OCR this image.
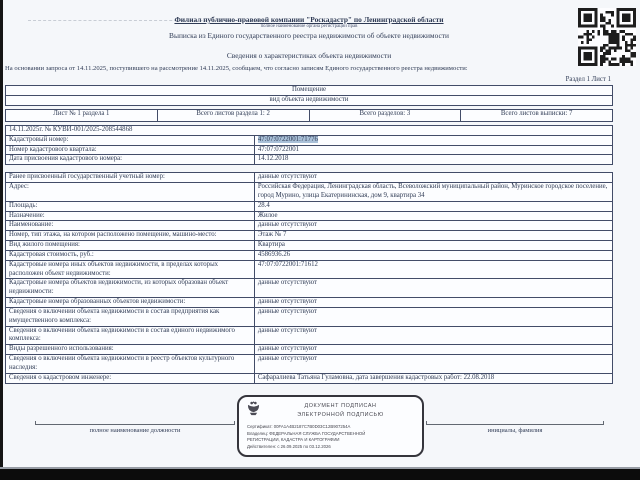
Филиал публично-правовой компании "Роскадастр" по Ленинградской области
полное наименование органа регистрации прав
Выписка из Единого государственного реестра недвижимости об объекте недвижимости
Сведения о характеристиках объекта недвижимости
На основании запроса от 14.11.2025, поступившего на рассмотрение 14.11.2025, сообщаем, что согласно записям Единого государственного реестра недвижимости:
Раздел 1 Лист 1
Помещение
вид объекта недвижимости
Лист № 1 раздела 1	Всего листов раздела 1: 2	Всего разделов: 3	Всего листов выписки: 7
14.11.2025г. № КУВИ-001/2025-208544868	
Кадастровый номер:	47:07:0722001:71776
Номер кадастрового квартала:	47:07:0722001
Дата присвоения кадастрового номера:	14.12.2018
Ранее присвоенный государственный учетный номер:	данные отсутствуют
Адрес:	Российская Федерация, Ленинградская область, Всеволожский муниципальный район, Муринское городское поселение, город Мурино, улица Екатерининская, дом 9, квартира 34
Площадь:	28.4
Назначение:	Жилое
Наименование:	данные отсутствуют
Номер, тип этажа, на котором расположено помещение, машино-место:	Этаж № 7
Вид жилого помещения:	Квартира
Кадастровая стоимость, руб.:	4586936.26
Кадастровые номера иных объектов недвижимости, в пределах которых расположен объект недвижимости:	47:07:0722001:71612
Кадастровые номера объектов недвижимости, из которых образован объект недвижимости:	данные отсутствуют
Кадастровые номера образованных объектов недвижимости:	данные отсутствуют
Сведения о включении объекта недвижимости в состав предприятия как имущественного комплекса:	данные отсутствуют
Сведения о включении объекта недвижимости в состав единого недвижимого комплекса:	данные отсутствуют
Виды разрешенного использования:	данные отсутствуют
Сведения о включении объекта недвижимости в реестр объектов культурного наследия:	данные отсутствуют
Сведения о кадастровом инженере:	Сафаралиева Татьяна Гуламовна, дата завершения кадастровых работ: 22.08.2018
ДОКУМЕНТ ПОДПИСАН
ЭЛЕКТРОННОЙ ПОДПИСЬЮ
Сертификат: 00FA1A4B2187C7B0D03C12B907254A
Владелец: ФЕДЕРАЛЬНАЯ СЛУЖБА ГОСУДАРСТВЕННОЙ
РЕГИСТРАЦИИ, КАДАСТРА И КАРТОГРАФИИ
Действителен: с 26.09.2025 по 03.12.2026
полное наименование должности	инициалы, фамилия
